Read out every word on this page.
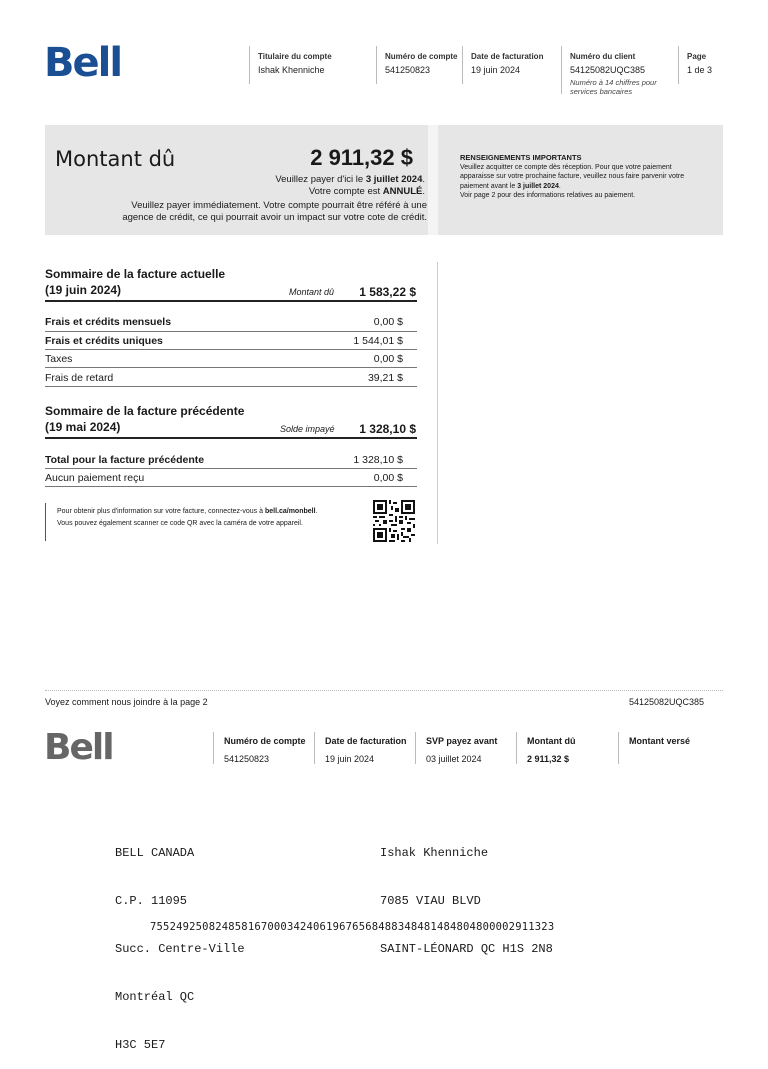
Bell	Titulaire du compte
Ishak Khenniche
Numéro de compte
541250823
Date de facturation
19 juin 2024
Numéro du client
54125082UQC385
Numéro à 14 chiffres pour services bancaires
Page
1 de 3
Montant dû	2 911,32 $
Veuillez payer d'ici le 3 juillet 2024.
Votre compte est ANNULÉ.
Veuillez payer immédiatement. Votre compte pourrait être référé à une
agence de crédit, ce qui pourrait avoir un impact sur votre cote de crédit.
RENSEIGNEMENTS IMPORTANTS
Veuillez acquitter ce compte dès réception. Pour que votre paiement
apparaisse sur votre prochaine facture, veuillez nous faire parvenir votre
paiement avant le 3 juillet 2024.
Voir page 2 pour des informations relatives au paiement.
Sommaire de la facture actuelle
(19 juin 2024)	Montant dû 1 583,22 $
Frais et crédits mensuels	0,00 $
Frais et crédits uniques	1 544,01 $
Taxes	0,00 $
Frais de retard	39,21 $
Sommaire de la facture précédente
(19 mai 2024)	Solde impayé 1 328,10 $
Total pour la facture précédente	1 328,10 $
Aucun paiement reçu	0,00 $
Pour obtenir plus d'information sur votre facture, connectez-vous à bell.ca/monbell.
Vous pouvez également scanner ce code QR avec la caméra de votre appareil.
Voyez comment nous joindre à la page 2	54125082UQC385
Bell	Numéro de compte
541250823
Date de facturation
19 juin 2024
SVP payez avant
03 juillet 2024
Montant dû
2 911,32 $
Montant versé

BELL CANADA

C.P. 11095

Succ. Centre-Ville

Montréal QC

H3C 5E7

Ishak Khenniche

7085 VIAU BLVD

SAINT-LÉONARD QC H1S 2N8

755249250824858167000342406196765684883484814848048000029113​23
